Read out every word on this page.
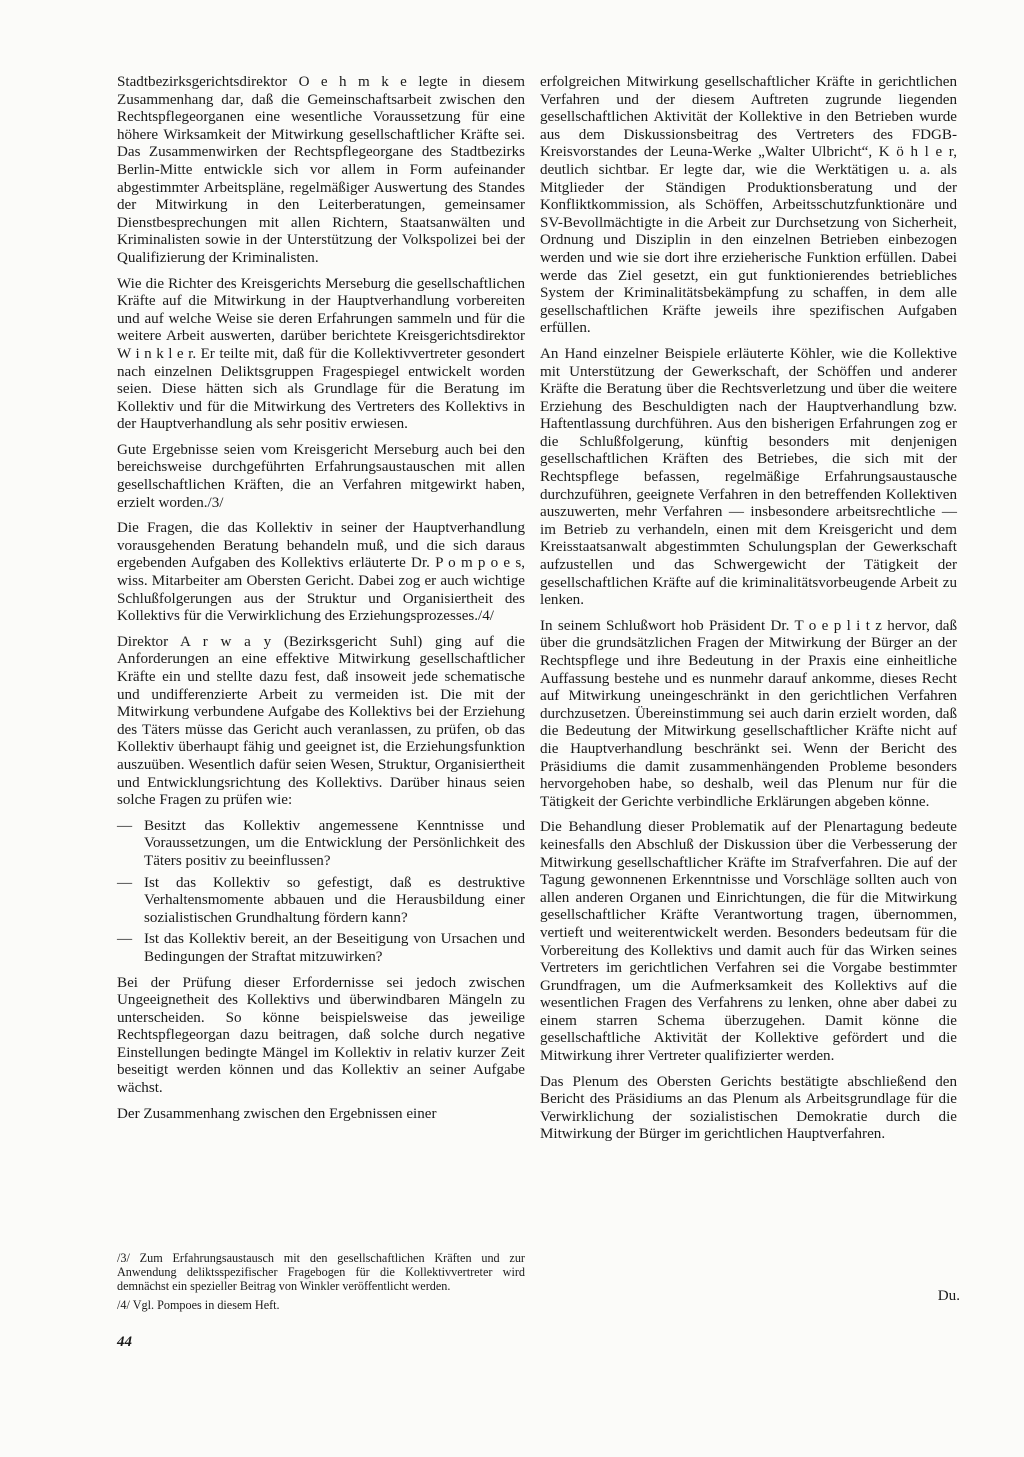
Stadtbezirksgerichtsdirektor O e h m k e legte in diesem Zusammenhang dar, daß die Gemeinschaftsarbeit zwischen den Rechtspflegeorganen eine wesentliche Voraussetzung für eine höhere Wirksamkeit der Mitwirkung gesellschaftlicher Kräfte sei. Das Zusammenwirken der Rechtspflegeorgane des Stadtbezirks Berlin-Mitte entwickle sich vor allem in Form aufeinander abgestimmter Arbeitspläne, regelmäßiger Auswertung des Standes der Mitwirkung in den Leiterberatungen, gemeinsamer Dienstbesprechungen mit allen Richtern, Staatsanwälten und Kriminalisten sowie in der Unterstützung der Volkspolizei bei der Qualifizierung der Kriminalisten.

Wie die Richter des Kreisgerichts Merseburg die gesellschaftlichen Kräfte auf die Mitwirkung in der Hauptverhandlung vorbereiten und auf welche Weise sie deren Erfahrungen sammeln und für die weitere Arbeit auswerten, darüber berichtete Kreisgerichtsdirektor W i n k l e r. Er teilte mit, daß für die Kollektivvertreter gesondert nach einzelnen Deliktsgruppen Fragespiegel entwickelt worden seien. Diese hätten sich als Grundlage für die Beratung im Kollektiv und für die Mitwirkung des Vertreters des Kollektivs in der Hauptverhandlung als sehr positiv erwiesen.

Gute Ergebnisse seien vom Kreisgericht Merseburg auch bei den bereichsweise durchgeführten Erfahrungsaustauschen mit allen gesellschaftlichen Kräften, die an Verfahren mitgewirkt haben, erzielt worden./3/

Die Fragen, die das Kollektiv in seiner der Hauptverhandlung vorausgehenden Beratung behandeln muß, und die sich daraus ergebenden Aufgaben des Kollektivs erläuterte Dr. P o m p o e s, wiss. Mitarbeiter am Obersten Gericht. Dabei zog er auch wichtige Schlußfolgerungen aus der Struktur und Organisiertheit des Kollektivs für die Verwirklichung des Erziehungsprozesses./4/

Direktor A r w a y (Bezirksgericht Suhl) ging auf die Anforderungen an eine effektive Mitwirkung gesellschaftlicher Kräfte ein und stellte dazu fest, daß insoweit jede schematische und undifferenzierte Arbeit zu vermeiden ist. Die mit der Mitwirkung verbundene Aufgabe des Kollektivs bei der Erziehung des Täters müsse das Gericht auch veranlassen, zu prüfen, ob das Kollektiv überhaupt fähig und geeignet ist, die Erziehungsfunktion auszuüben. Wesentlich dafür seien Wesen, Struktur, Organisiertheit und Entwicklungsrichtung des Kollektivs. Darüber hinaus seien solche Fragen zu prüfen wie:

— Besitzt das Kollektiv angemessene Kenntnisse und Voraussetzungen, um die Entwicklung der Persönlichkeit des Täters positiv zu beeinflussen?
— Ist das Kollektiv so gefestigt, daß es destruktive Verhaltensmomente abbauen und die Herausbildung einer sozialistischen Grundhaltung fördern kann?
— Ist das Kollektiv bereit, an der Beseitigung von Ursachen und Bedingungen der Straftat mitzuwirken?

Bei der Prüfung dieser Erfordernisse sei jedoch zwischen Ungeeignetheit des Kollektivs und überwindbaren Mängeln zu unterscheiden. So könne beispielsweise das jeweilige Rechtspflegeorgan dazu beitragen, daß solche durch negative Einstellungen bedingte Mängel im Kollektiv in relativ kurzer Zeit beseitigt werden können und das Kollektiv an seiner Aufgabe wächst.

Der Zusammenhang zwischen den Ergebnissen einer

erfolgreichen Mitwirkung gesellschaftlicher Kräfte in gerichtlichen Verfahren und der diesem Auftreten zugrunde liegenden gesellschaftlichen Aktivität der Kollektive in den Betrieben wurde aus dem Diskussionsbeitrag des Vertreters des FDGB-Kreisvorstandes der Leuna-Werke „Walter Ulbricht“, K ö h l e r, deutlich sichtbar. Er legte dar, wie die Werktätigen u. a. als Mitglieder der Ständigen Produktionsberatung und der Konfliktkommission, als Schöffen, Arbeitsschutzfunktionäre und SV-Bevollmächtigte in die Arbeit zur Durchsetzung von Sicherheit, Ordnung und Disziplin in den einzelnen Betrieben einbezogen werden und wie sie dort ihre erzieherische Funktion erfüllen. Dabei werde das Ziel gesetzt, ein gut funktionierendes betriebliches System der Kriminalitätsbekämpfung zu schaffen, in dem alle gesellschaftlichen Kräfte jeweils ihre spezifischen Aufgaben erfüllen.

An Hand einzelner Beispiele erläuterte Köhler, wie die Kollektive mit Unterstützung der Gewerkschaft, der Schöffen und anderer Kräfte die Beratung über die Rechtsverletzung und über die weitere Erziehung des Beschuldigten nach der Hauptverhandlung bzw. Haftentlassung durchführen. Aus den bisherigen Erfahrungen zog er die Schlußfolgerung, künftig besonders mit denjenigen gesellschaftlichen Kräften des Betriebes, die sich mit der Rechtspflege befassen, regelmäßige Erfahrungsaustausche durchzuführen, geeignete Verfahren in den betreffenden Kollektiven auszuwerten, mehr Verfahren — insbesondere arbeitsrechtliche — im Betrieb zu verhandeln, einen mit dem Kreisgericht und dem Kreisstaatsanwalt abgestimmten Schulungsplan der Gewerkschaft aufzustellen und das Schwergewicht der Tätigkeit der gesellschaftlichen Kräfte auf die kriminalitätsvorbeugende Arbeit zu lenken.

In seinem Schlußwort hob Präsident Dr. T o e p l i t z hervor, daß über die grundsätzlichen Fragen der Mitwirkung der Bürger an der Rechtspflege und ihre Bedeutung in der Praxis eine einheitliche Auffassung bestehe und es nunmehr darauf ankomme, dieses Recht auf Mitwirkung uneingeschränkt in den gerichtlichen Verfahren durchzusetzen. Übereinstimmung sei auch darin erzielt worden, daß die Bedeutung der Mitwirkung gesellschaftlicher Kräfte nicht auf die Hauptverhandlung beschränkt sei. Wenn der Bericht des Präsidiums die damit zusammenhängenden Probleme besonders hervorgehoben habe, so deshalb, weil das Plenum nur für die Tätigkeit der Gerichte verbindliche Erklärungen abgeben könne.

Die Behandlung dieser Problematik auf der Plenartagung bedeute keinesfalls den Abschluß der Diskussion über die Verbesserung der Mitwirkung gesellschaftlicher Kräfte im Strafverfahren. Die auf der Tagung gewonnenen Erkenntnisse und Vorschläge sollten auch von allen anderen Organen und Einrichtungen, die für die Mitwirkung gesellschaftlicher Kräfte Verantwortung tragen, übernommen, vertieft und weiterentwickelt werden. Besonders bedeutsam für die Vorbereitung des Kollektivs und damit auch für das Wirken seines Vertreters im gerichtlichen Verfahren sei die Vorgabe bestimmter Grundfragen, um die Aufmerksamkeit des Kollektivs auf die wesentlichen Fragen des Verfahrens zu lenken, ohne aber dabei zu einem starren Schema überzugehen. Damit könne die gesellschaftliche Aktivität der Kollektive gefördert und die Mitwirkung ihrer Vertreter qualifizierter werden.

Das Plenum des Obersten Gerichts bestätigte abschließend den Bericht des Präsidiums an das Plenum als Arbeitsgrundlage für die Verwirklichung der sozialistischen Demokratie durch die Mitwirkung der Bürger im gerichtlichen Hauptverfahren.

/3/ Zum Erfahrungsaustausch mit den gesellschaftlichen Kräften und zur Anwendung deliktsspezifischer Fragebogen für die Kollektivvertreter wird demnächst ein spezieller Beitrag von Winkler veröffentlicht werden.

/4/ Vgl. Pompoes in diesem Heft.

Du.
44
